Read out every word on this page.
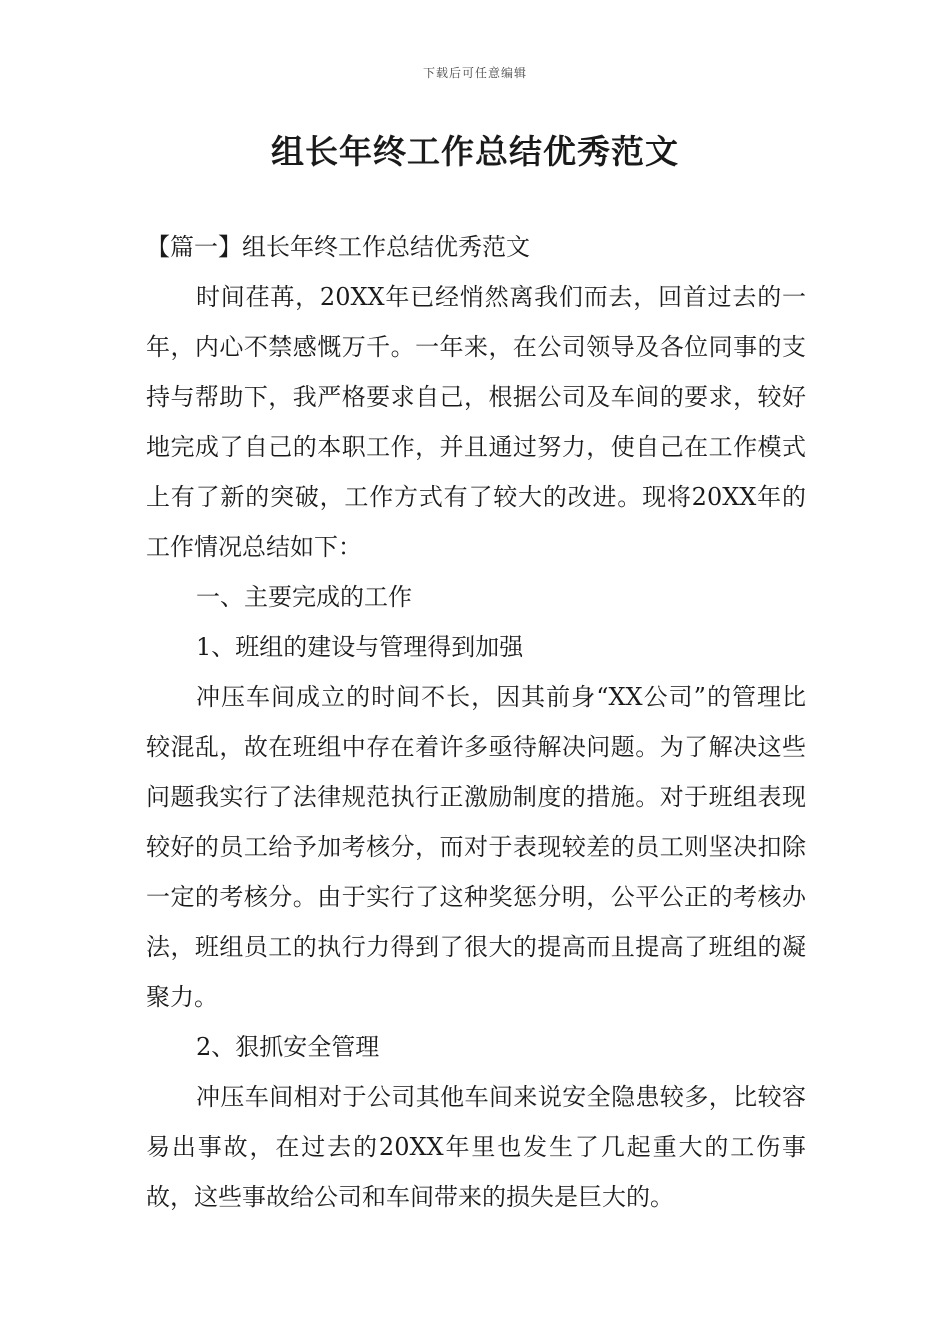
下载后可任意编辑
组长年终工作总结优秀范文

【篇一】组长年终工作总结优秀范文

时间荏苒，20XX年已经悄然离我们而去，回首过去的一年，内心不禁感慨万千。一年来，在公司领导及各位同事的支持与帮助下，我严格要求自己，根据公司及车间的要求，较好地完成了自己的本职工作，并且通过努力，使自己在工作模式上有了新的突破，工作方式有了较大的改进。现将20XX年的工作情况总结如下：

一、主要完成的工作

1、班组的建设与管理得到加强

冲压车间成立的时间不长，因其前身“XX公司”的管理比较混乱，故在班组中存在着许多亟待解决问题。为了解决这些问题我实行了法律规范执行正激励制度的措施。对于班组表现较好的员工给予加考核分，而对于表现较差的员工则坚决扣除一定的考核分。由于实行了这种奖惩分明，公平公正的考核办法，班组员工的执行力得到了很大的提高而且提高了班组的凝聚力。

2、狠抓安全管理

冲压车间相对于公司其他车间来说安全隐患较多，比较容易出事故，在过去的20XX年里也发生了几起重大的工伤事故，这些事故给公司和车间带来的损失是巨大的。
